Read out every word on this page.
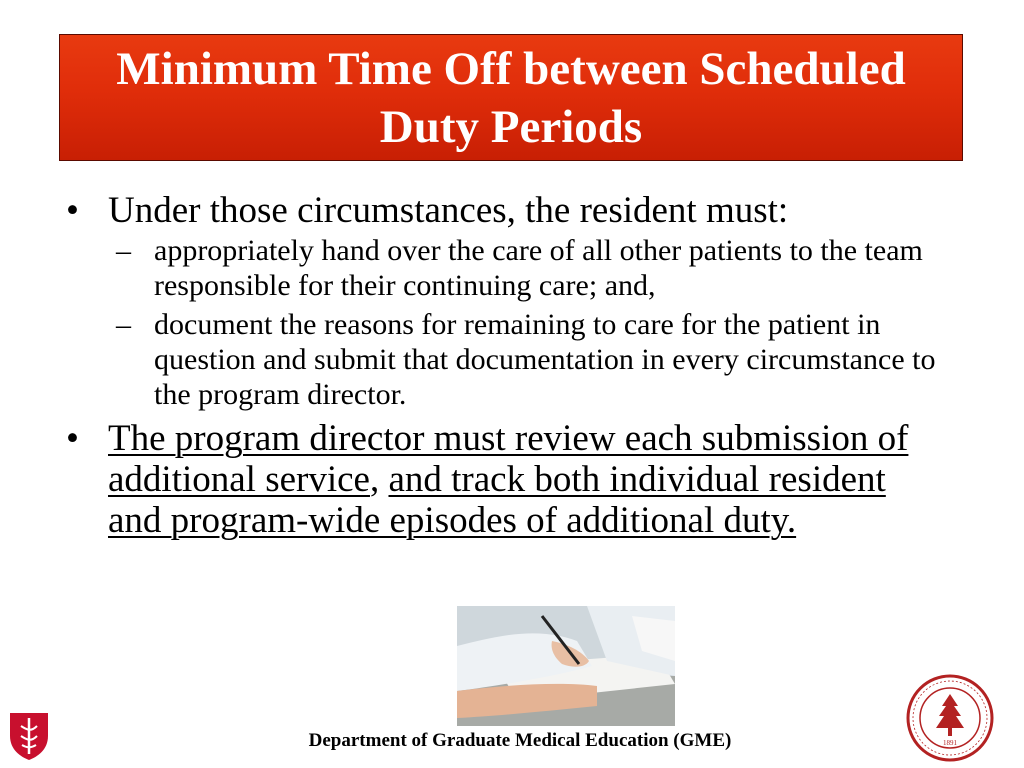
Minimum Time Off between Scheduled Duty Periods
• Under those circumstances, the resident must:
– appropriately hand over the care of all other patients to the team responsible for their continuing care; and,
– document the reasons for remaining to care for the patient in question and submit that documentation in every circumstance to the program director.
• The program director must review each submission of additional service, and track both individual resident and program-wide episodes of additional duty.
1891
Department of Graduate Medical Education (GME)
